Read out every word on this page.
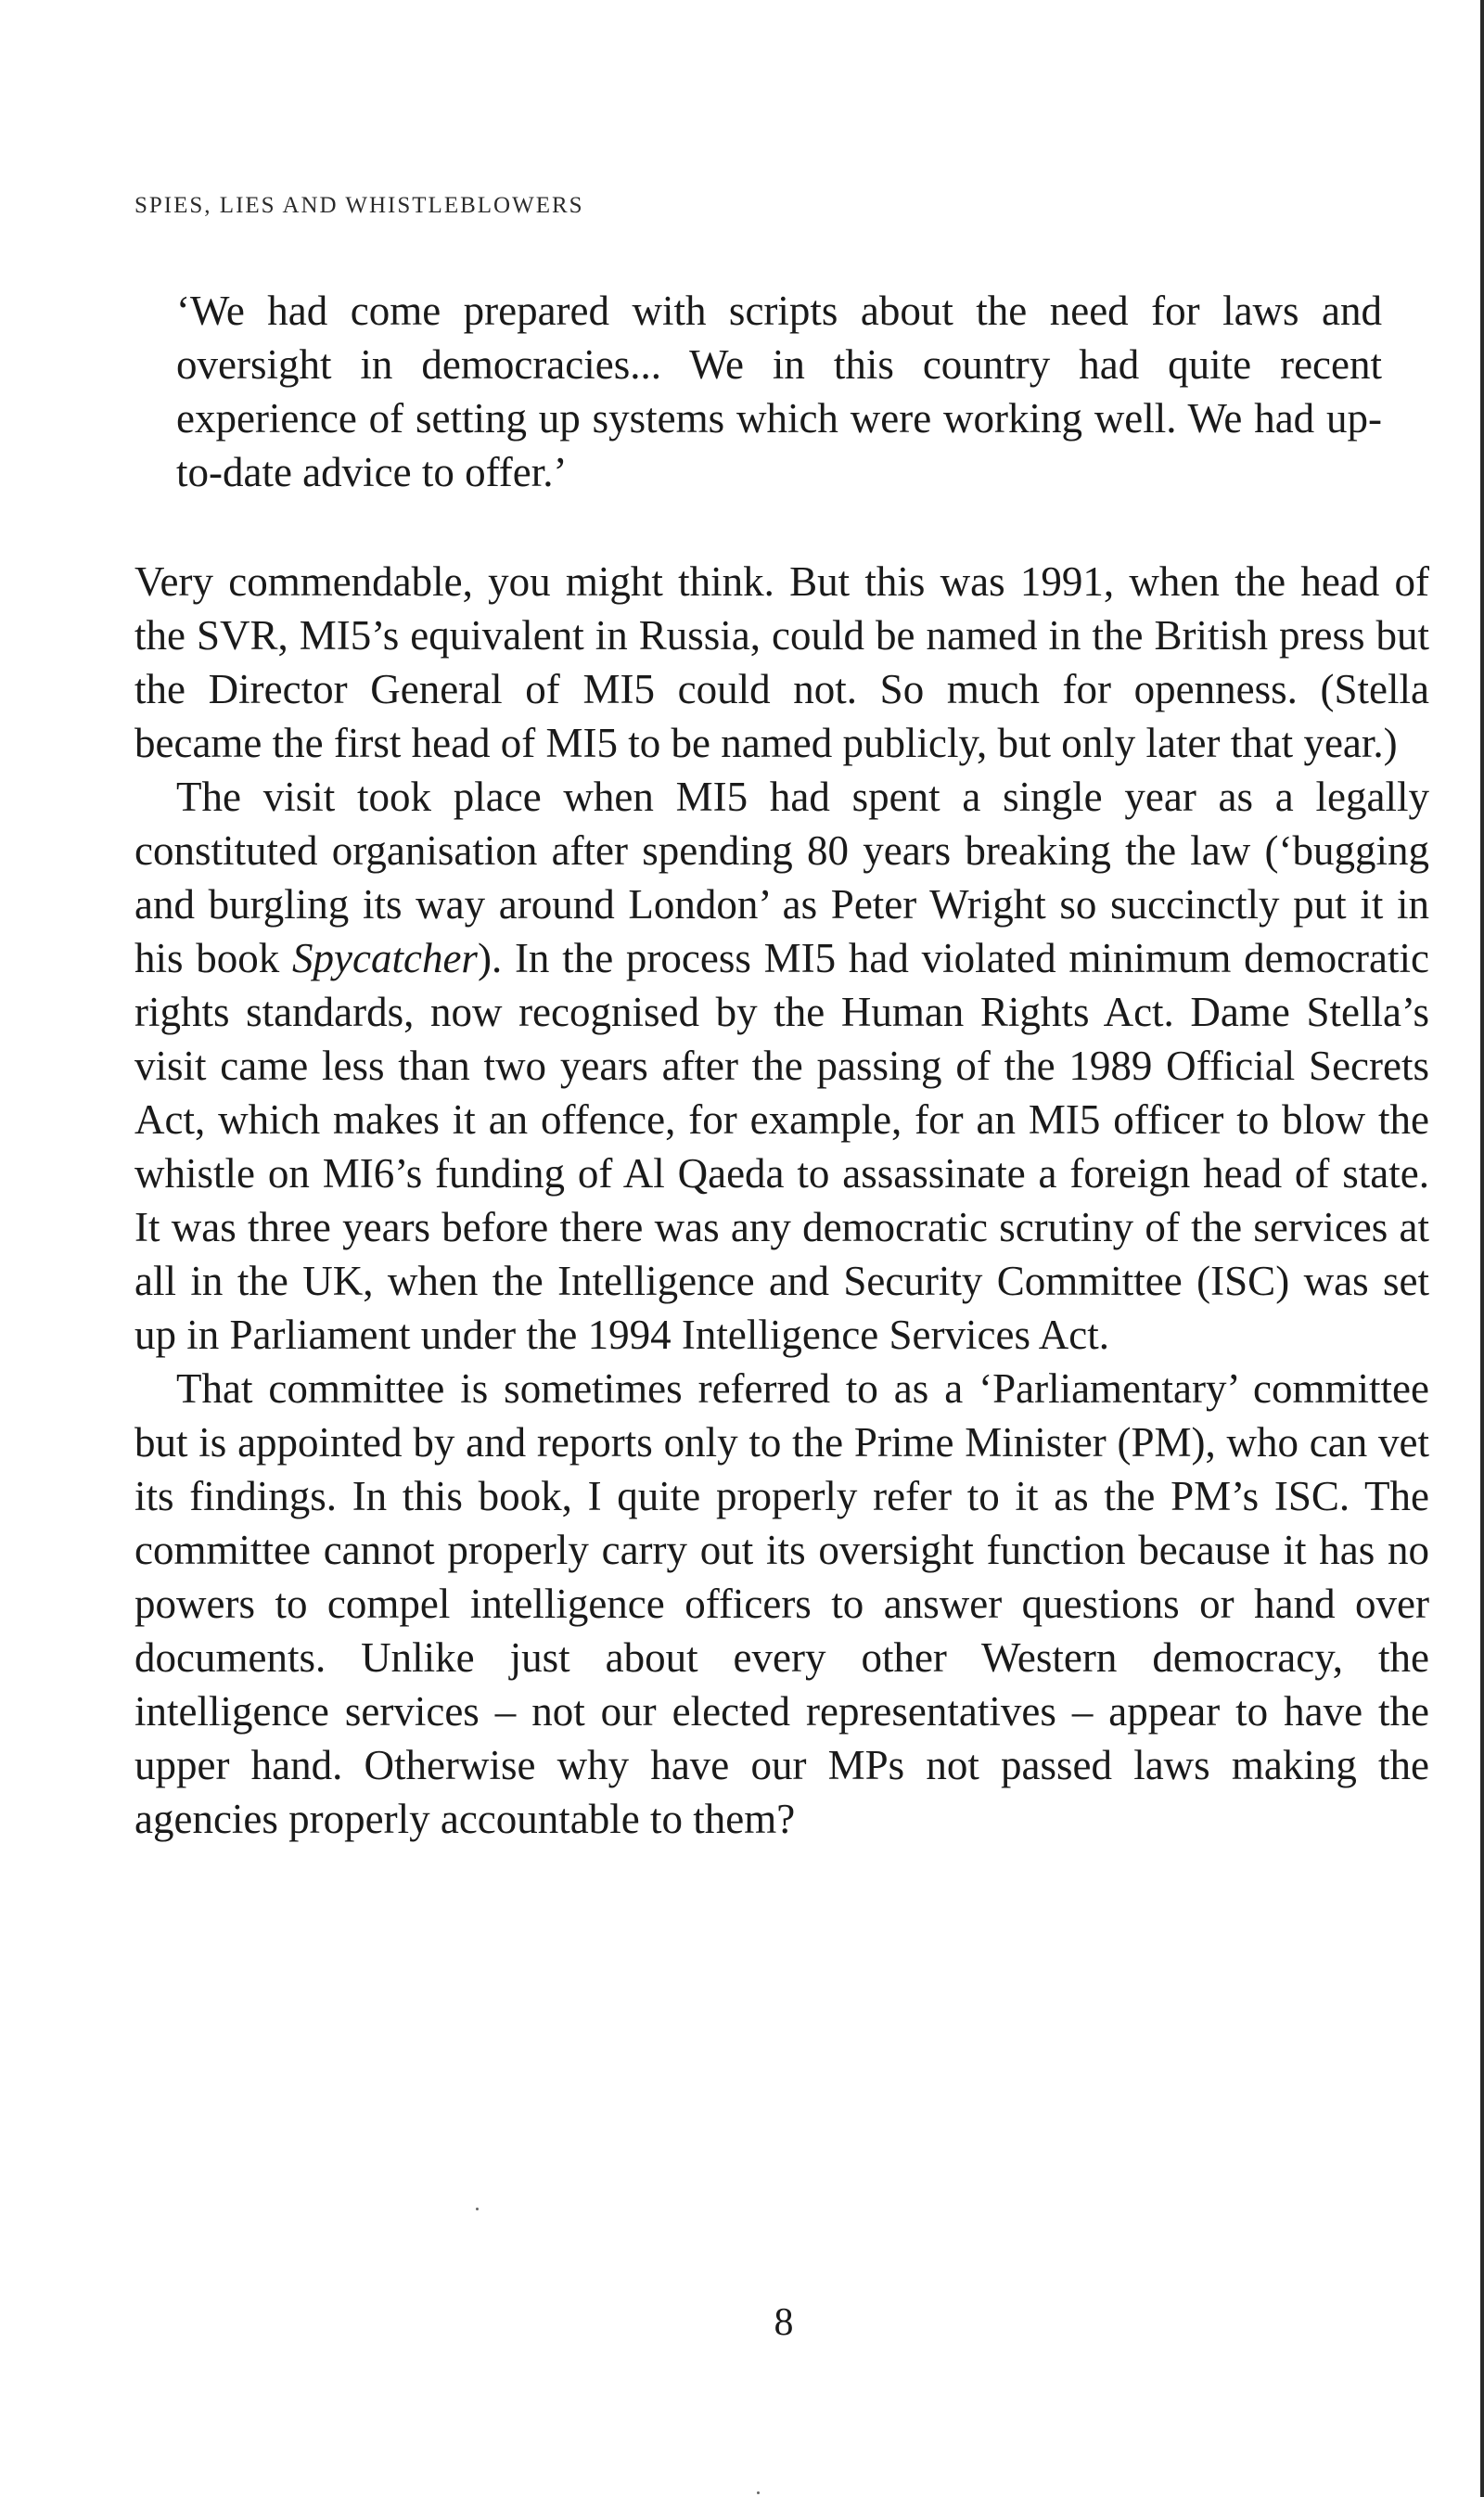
SPIES, LIES AND WHISTLEBLOWERS

‘We had come prepared with scripts about the need for laws and oversight in democracies... We in this country had quite recent experience of setting up systems which were working well. We had up-to-date advice to offer.’

Very commendable, you might think. But this was 1991, when the head of the SVR, MI5’s equivalent in Russia, could be named in the British press but the Director General of MI5 could not. So much for openness. (Stella became the first head of MI5 to be named publicly, but only later that year.)

The visit took place when MI5 had spent a single year as a legally constituted organisation after spending 80 years breaking the law (‘bugging and burgling its way around London’ as Peter Wright so succinctly put it in his book Spycatcher). In the process MI5 had violated minimum democratic rights standards, now recognised by the Human Rights Act. Dame Stella’s visit came less than two years after the passing of the 1989 Official Secrets Act, which makes it an offence, for example, for an MI5 officer to blow the whistle on MI6’s funding of Al Qaeda to assassinate a foreign head of state. It was three years before there was any democratic scrutiny of the services at all in the UK, when the Intelligence and Security Committee (ISC) was set up in Parliament under the 1994 Intelligence Services Act.

That committee is sometimes referred to as a ‘Parliamentary’ committee but is appointed by and reports only to the Prime Minister (PM), who can vet its findings. In this book, I quite properly refer to it as the PM’s ISC. The committee cannot properly carry out its oversight function because it has no powers to compel intelligence officers to answer questions or hand over documents. Unlike just about every other Western democracy, the intelligence services – not our elected representatives – appear to have the upper hand. Otherwise why have our MPs not passed laws making the agencies properly accountable to them?

8
